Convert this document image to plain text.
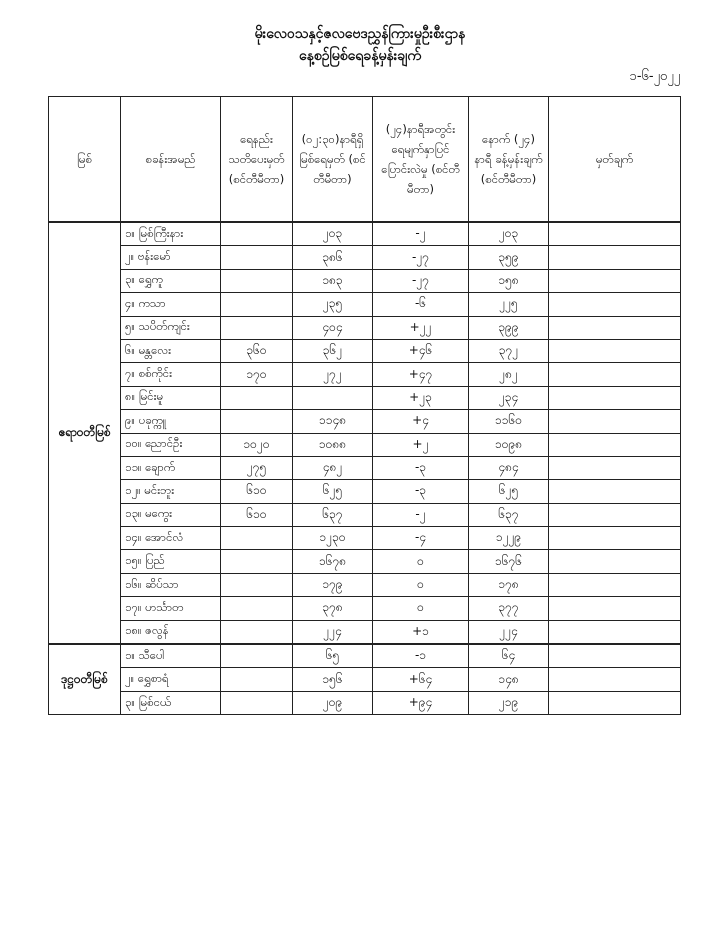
မိုးလေဝသနှင့်ဇလဗေဒညွှန်ကြားမှုဦးစီးဌာန
နေ့စဉ်မြစ်ရေခန့်မှန်းချက်
၁-၆-၂၀၂၂
မြစ်	စခန်းအမည်	ရေနည်းသတိပေးမှတ် (စင်တီမီတာ)	(၀၂:၃၀)နာရီရှိ မြစ်ရေမှတ် (စင်တီမီတာ)	(၂၄)နာရီအတွင်း ရေမျက်နှာပြင် ပြောင်းလဲမှု (စင်တီမီတာ)	နောက် (၂၄) နာရီ ခန့်မှန်းချက် (စင်တီမီတာ)	မှတ်ချက်
ဧရာဝတီမြစ်	၁။ မြစ်ကြီးနား		၂၀၃	-၂	၂၀၃	
	၂။ ဗန်းမော်		၃၈၆	-၂၇	၃၅၉	
	၃။ ရွှေကူ		၁၈၃	-၂၇	၁၅၈	
	၄။ ကသာ		၂၃၅	-၆	၂၂၅	
	၅။ သပိတ်ကျင်း		၄၀၄	+၂၂	၃၉၉	
	၆။ မန္တလေး	၃၆၀	၃၆၂	+၄၆	၃၇၂	
	၇။ စစ်ကိုင်း	၁၇၀	၂၇၂	+၄၇	၂၈၂	
	၈။ မြင်းမူ			+၂၃	၂၃၄	
	၉။ ပခုက္ကူ		၁၁၄၈	+၄	၁၁၆၀	
	၁၀။ ညောင်ဦး	၁၀၂၀	၁၀၈၈	+၂	၁၀၉၈	
	၁၁။ ချောက်	၂၇၅	၄၈၂	-၃	၄၈၄	
	၁၂။ မင်းဘူး	၆၁၀	၆၂၅	-၃	၆၂၅	
	၁၃။ မကွေး	၆၁၀	၆၃၇	-၂	၆၃၇	
	၁၄။ အောင်လံ		၁၂၃၀	-၄	၁၂၂၉	
	၁၅။ ပြည်		၁၆၇၈	၀	၁၆၇၆	
	၁၆။ ဆိပ်သာ		၁၇၉	၀	၁၇၈	
	၁၇။ ဟင်္သာတ		၃၇၈	၀	၃၇၇	
	၁၈။ ဇလွန်		၂၂၄	+၁	၂၂၄	
ဒုဋ္ဌဝတီမြစ်	၁။ သီပေါ		၆၅	-၁	၆၄	
	၂။ ရွှေစာရံ		၁၅၆	+၆၄	၁၄၈	
	၃။ မြစ်ငယ်		၂၀၉	+၉၄	၂၁၉	
